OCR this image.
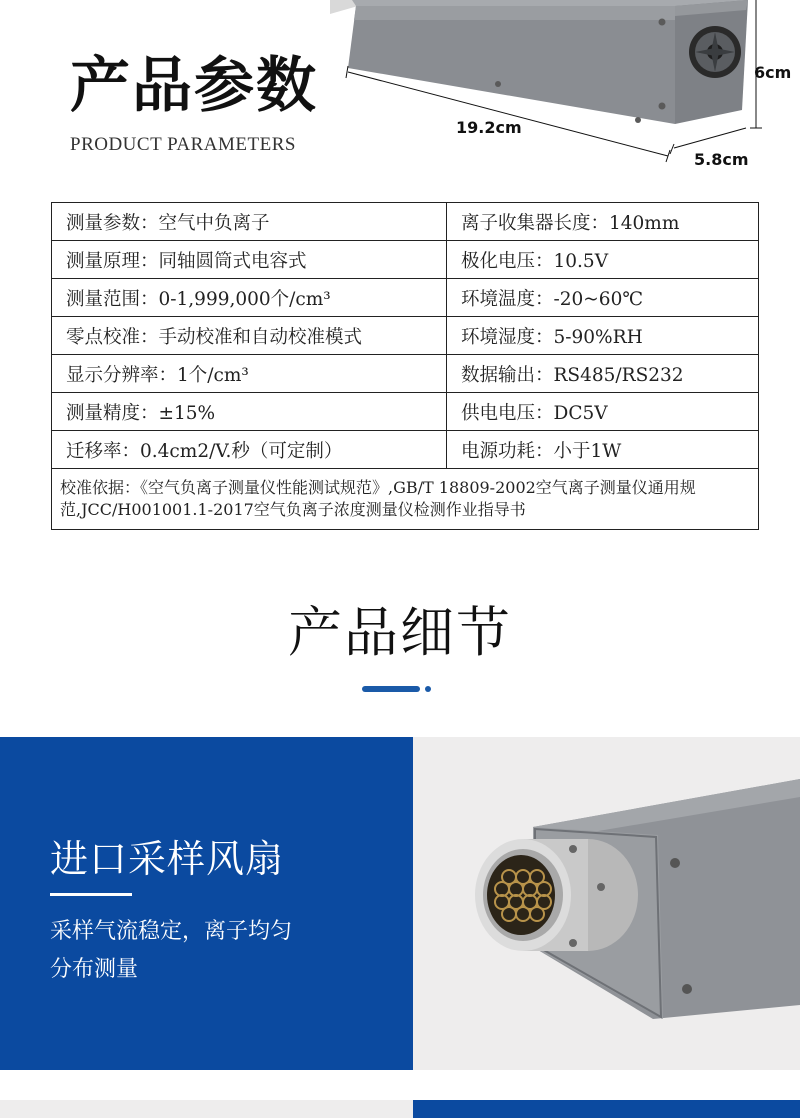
产品参数
PRODUCT PARAMETERS
19.2cm
6cm
5.8cm
测量参数：空气中负离子	离子收集器长度：140mm
测量原理：同轴圆筒式电容式	极化电压：10.5V
测量范围：0-1,999,000个/cm³	环境温度：-20~60℃
零点校准：手动校准和自动校准模式	环境湿度：5-90%RH
显示分辨率：1个/cm³	数据输出：RS485/RS232
测量精度：±15%	供电电压：DC5V
迁移率：0.4cm2/V.秒（可定制）	电源功耗：小于1W
校准依据：《空气负离子测量仪性能测试规范》,GB/T 18809-2002空气离子测量仪通用规范,JCC/H001001.1-2017空气负离子浓度测量仪检测作业指导书	
产品细节
进口采样风扇
采样气流稳定，离子均匀分布测量
